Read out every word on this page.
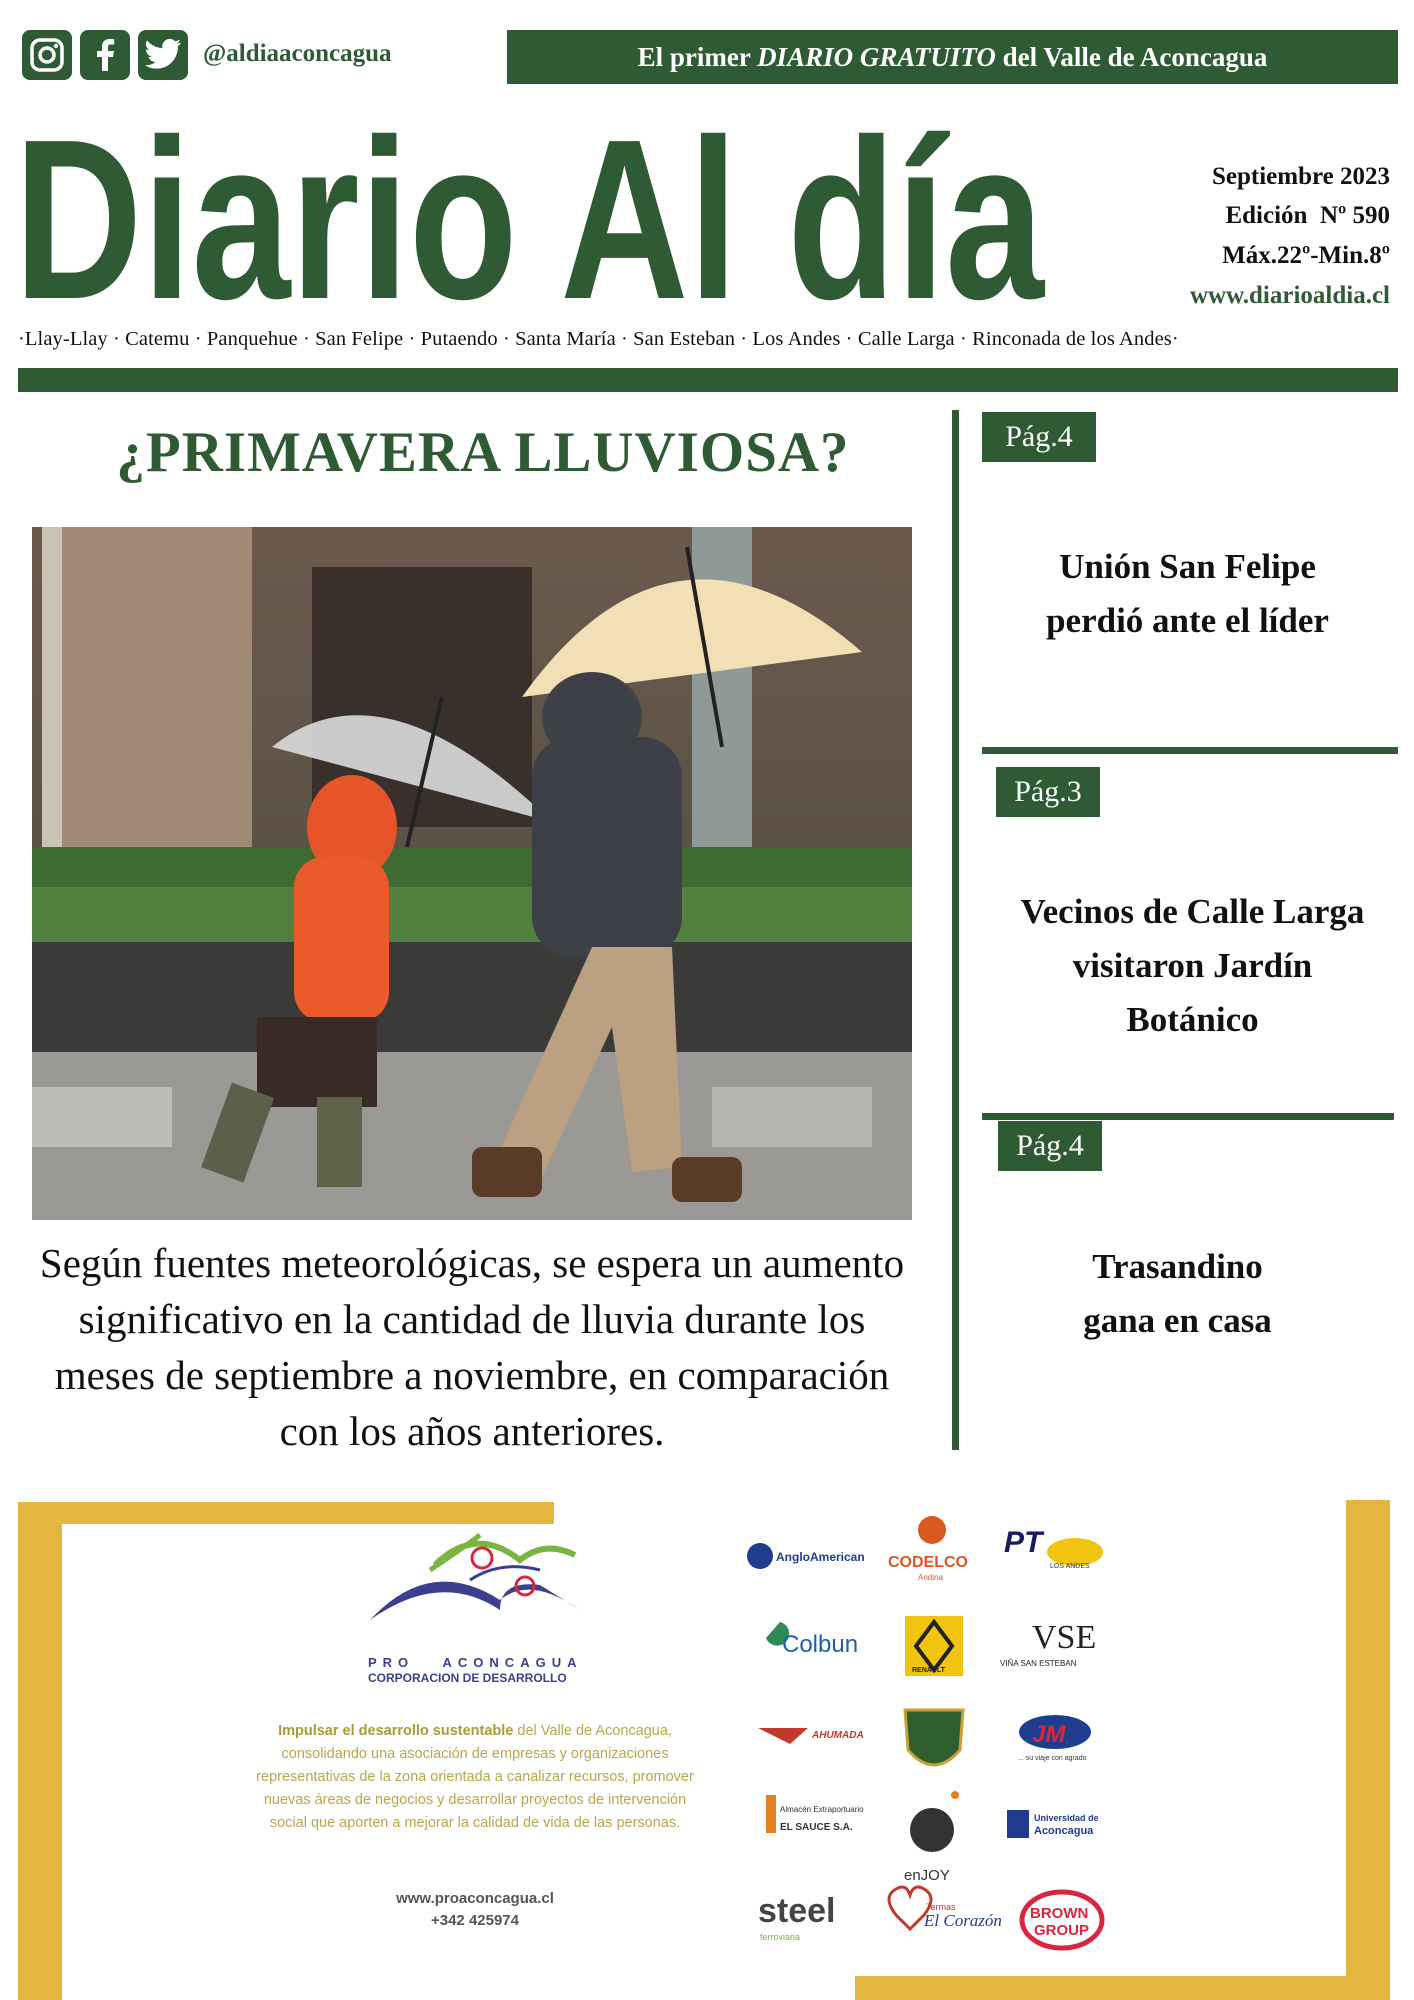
@aldiaaconcagua	El primer DIARIO GRATUITO del Valle de Aconcagua
Diario Al día	Septiembre 2023
Edición  Nº 590
Máx.22º-Min.8º
www.diarioaldia.cl
·Llay-Llay · Catemu · Panquehue · San Felipe · Putaendo · Santa María · San Esteban · Los Andes · Calle Larga · Rinconada de los Andes·
¿PRIMAVERA LLUVIOSA?
Según fuentes meteorológicas, se espera un aumento significativo en la cantidad de lluvia durante los meses de septiembre a noviembre, en comparación con los años anteriores.
Pág.4
Unión San Felipe
perdió ante el líder
Pág.3
Vecinos de Calle Larga
visitaron Jardín
Botánico
Pág.4
Trasandino
gana en casa
PRO   ACONCAGUA
CORPORACION DE DESARROLLO
AngloAmerican CODELCO
Andina
PT
LOS ANDES
Colbun
RENAULT
VSE
VIÑA SAN ESTEBAN
AHUMADA	JM
... su viaje con agrado
Almacén Extraportuario
EL SAUCE S.A.
enJOY
Universidad de
Aconcagua
steel
ferroviaria
Termas
El Corazón BROWN
GROUP
Impulsar el desarrollo sustentable del Valle de Aconcagua, consolidando una asociación de empresas y organizaciones representativas de la zona orientada a canalizar recursos, promover nuevas áreas de negocios y desarrollar proyectos de intervención social que aporten a mejorar la calidad de vida de las personas.
www.proaconcagua.cl
+342 425974
